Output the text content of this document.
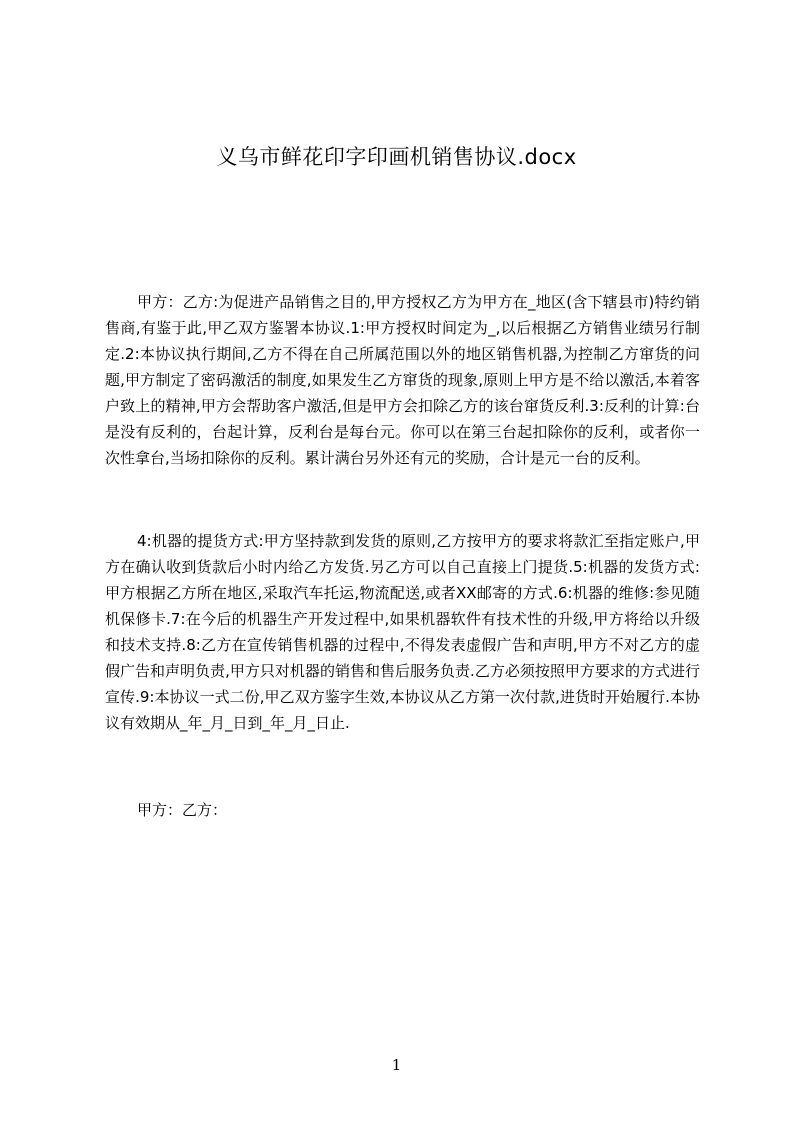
义乌市鲜花印字印画机销售协议.docx

甲方：乙方:为促进产品销售之目的,甲方授权乙方为甲方在_地区(含下辖县市)特约销售商,有鉴于此,甲乙双方鉴署本协议.1:甲方授权时间定为_,以后根据乙方销售业绩另行制定.2:本协议执行期间,乙方不得在自己所属范围以外的地区销售机器,为控制乙方窜货的问题,甲方制定了密码激活的制度,如果发生乙方窜货的现象,原则上甲方是不给以激活,本着客户致上的精神,甲方会帮助客户激活,但是甲方会扣除乙方的该台窜货反利.3:反利的计算:台是没有反利的，台起计算，反利台是每台元。你可以在第三台起扣除你的反利，或者你一次性拿台,当场扣除你的反利。累计满台另外还有元的奖励，合计是元一台的反利。

4:机器的提货方式:甲方坚持款到发货的原则,乙方按甲方的要求将款汇至指定账户,甲方在确认收到货款后小时内给乙方发货.另乙方可以自己直接上门提货.5:机器的发货方式:甲方根据乙方所在地区,采取汽车托运,物流配送,或者XX邮寄的方式.6:机器的维修:参见随机保修卡.7:在今后的机器生产开发过程中,如果机器软件有技术性的升级,甲方将给以升级和技术支持.8:乙方在宣传销售机器的过程中,不得发表虚假广告和声明,甲方不对乙方的虚假广告和声明负责,甲方只对机器的销售和售后服务负责.乙方必须按照甲方要求的方式进行宣传.9:本协议一式二份,甲乙双方鉴字生效,本协议从乙方第一次付款,进货时开始履行.本协议有效期从_年_月_日到_年_月_日止.

甲方：乙方：

1
